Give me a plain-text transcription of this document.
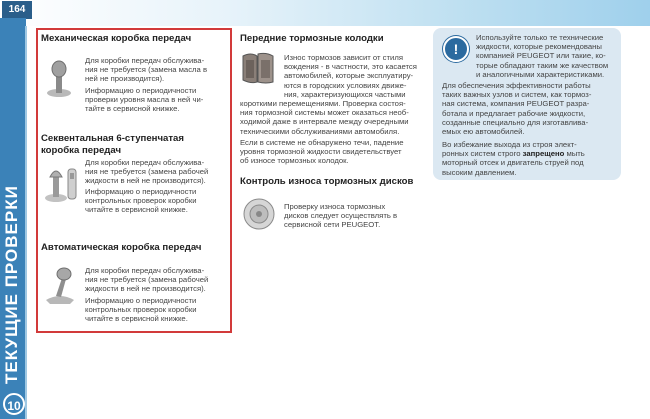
164
ТЕКУЩИЕ ПРОВЕРКИ
10
Механическая коробка передач
Для коробки передач обслужива-
ния не требуется (замена масла в
ней не производится).
Информацию о периодичности
проверки уровня масла в ней чи-
тайте в сервисной книжке.
Секвентальная 6-ступенчатая
коробка передач
Для коробки передач обслужива-
ния не требуется (замена рабочей
жидкости в ней не производится).
Информацию о периодичности
контрольных проверок коробки
читайте в сервисной книжке.
Автоматическая коробка передач
Для коробки передач обслужива-
ния не требуется (замена рабочей
жидкости в ней не производится).
Информацию о периодичности
контрольных проверок коробки
читайте в сервисной книжке.
Передние тормозные колодки
Износ тормозов зависит от стиля
вождения - в частности, это касается
автомобилей, которые эксплуатиру-
ются в городских условиях движе-
ния, характеризующихся частыми
короткими перемещениями. Проверка состоя-
ния тормозной системы может оказаться необ-
ходимой даже в интервале между очередными
техническими обслуживаниями автомобиля.
Если в системе не обнаружено течи, падение
уровня тормозной жидкости свидетельствует
об износе тормозных колодок.
Контроль износа тормозных дисков
Проверку износа тормозных
дисков следует осуществлять в
сервисной сети PEUGEOT.
!
Используйте только те технические
жидкости, которые рекомендованы
компанией PEUGEOT или такие, ко-
торые обладают таким же качеством
и аналогичными характеристиками.
Для обеспечения эффективности работы
таких важных узлов и систем, как тормоз-
ная система, компания PEUGEOT разра-
ботала и предлагает рабочие жидкости,
созданные специально для изготавлива-
емых ею автомобилей.
Во избежание выхода из строя элект-
ронных систем строго запрещено мыть
моторный отсек и двигатель струей под
высоким давлением.
